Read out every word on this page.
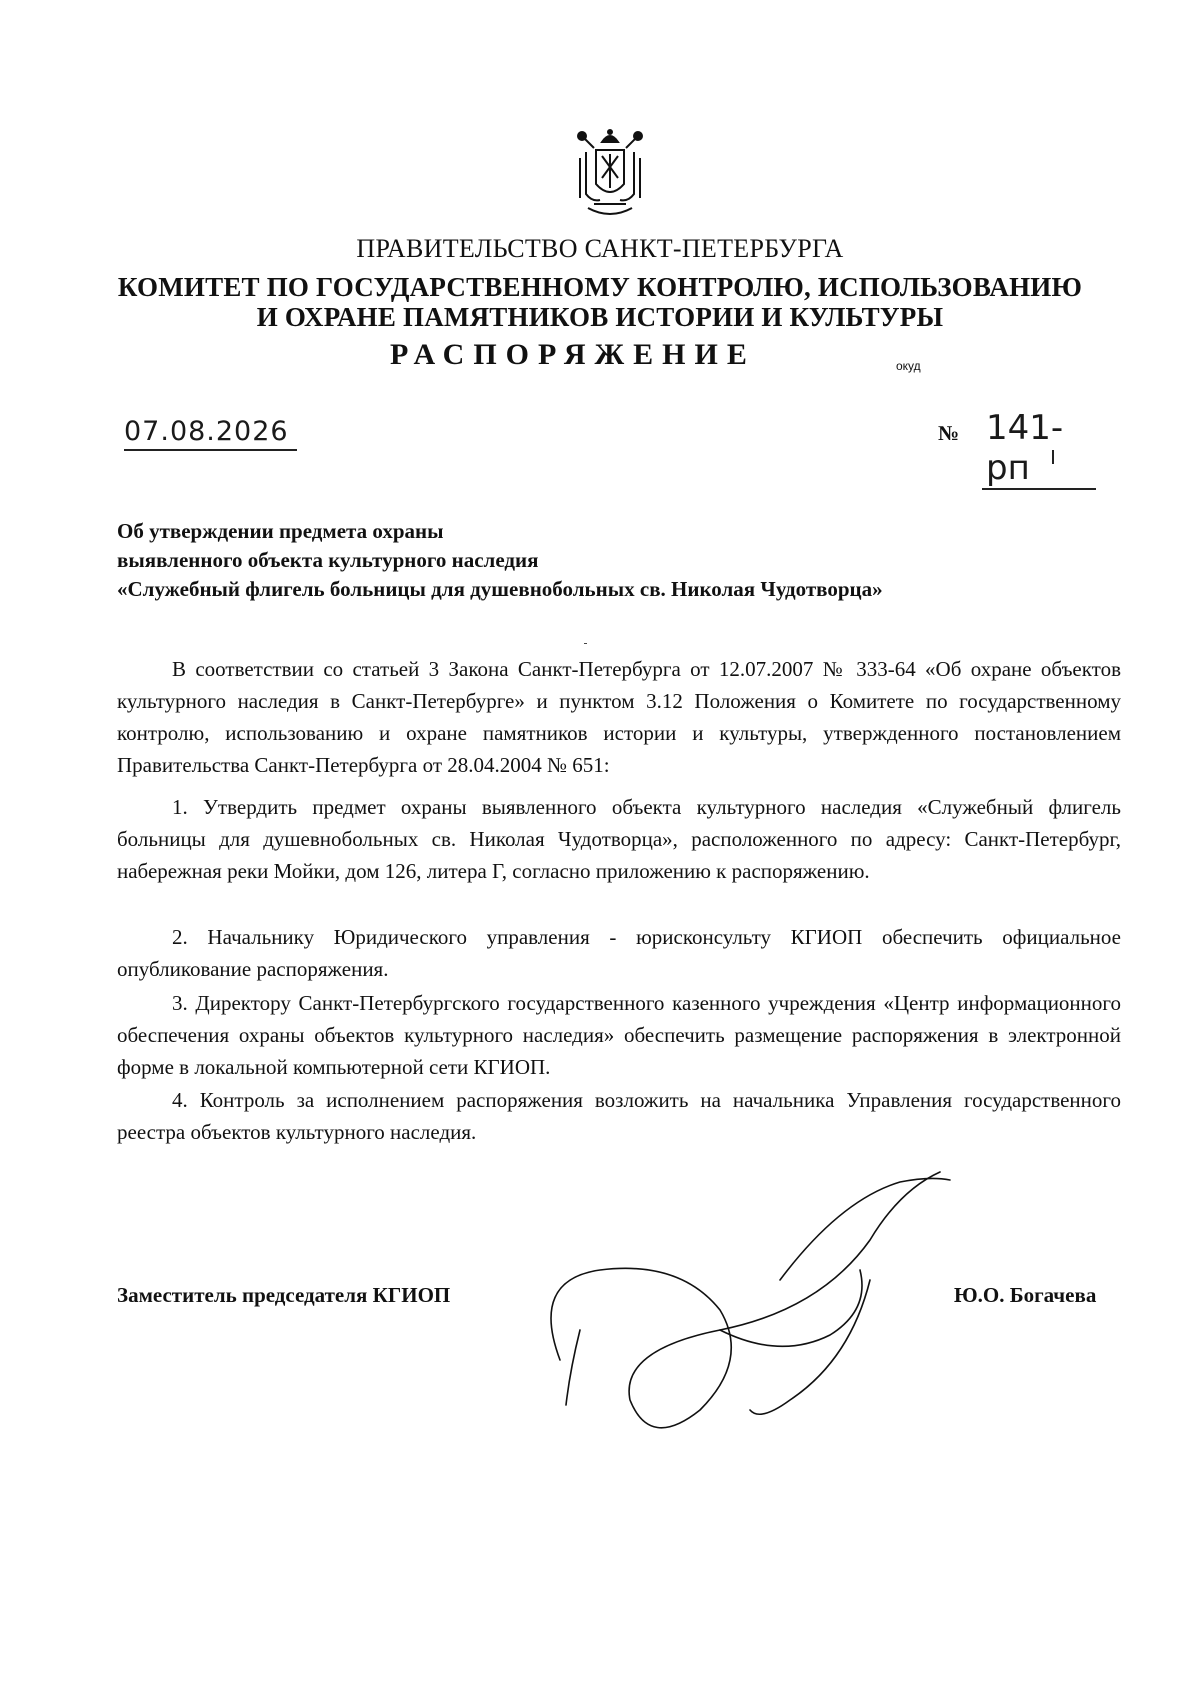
ПРАВИТЕЛЬСТВО САНКТ-ПЕТЕРБУРГА
КОМИТЕТ ПО ГОСУДАРСТВЕННОМУ КОНТРОЛЮ, ИСПОЛЬЗОВАНИЮ
И ОХРАНЕ ПАМЯТНИКОВ ИСТОРИИ И КУЛЬТУРЫ
РАСПОРЯЖЕНИЕ	окуд
07.08.2026	№ 141-рп
Об утверждении предмета охраны
выявленного объекта культурного наследия
«Служебный флигель больницы для душевнобольных св. Николая Чудотворца»
В соответствии со статьей 3 Закона Санкт-Петербурга от 12.07.2007 № 333-64 «Об охране объектов культурного наследия в Санкт-Петербурге» и пунктом 3.12 Положения о Комитете по государственному контролю, использованию и охране памятников истории и культуры, утвержденного постановлением Правительства Санкт-Петербурга от 28.04.2004 № 651:
1. Утвердить предмет охраны выявленного объекта культурного наследия «Служебный флигель больницы для душевнобольных св. Николая Чудотворца», расположенного по адресу: Санкт-Петербург, набережная реки Мойки, дом 126, литера Г, согласно приложению к распоряжению.
2. Начальнику Юридического управления - юрисконсульту КГИОП обеспечить официальное опубликование распоряжения.
3. Директору Санкт-Петербургского государственного казенного учреждения «Центр информационного обеспечения охраны объектов культурного наследия» обеспечить размещение распоряжения в электронной форме в локальной компьютерной сети КГИОП.
4. Контроль за исполнением распоряжения возложить на начальника Управления государственного реестра объектов культурного наследия.
Заместитель председателя КГИОП	Ю.О. Богачева
